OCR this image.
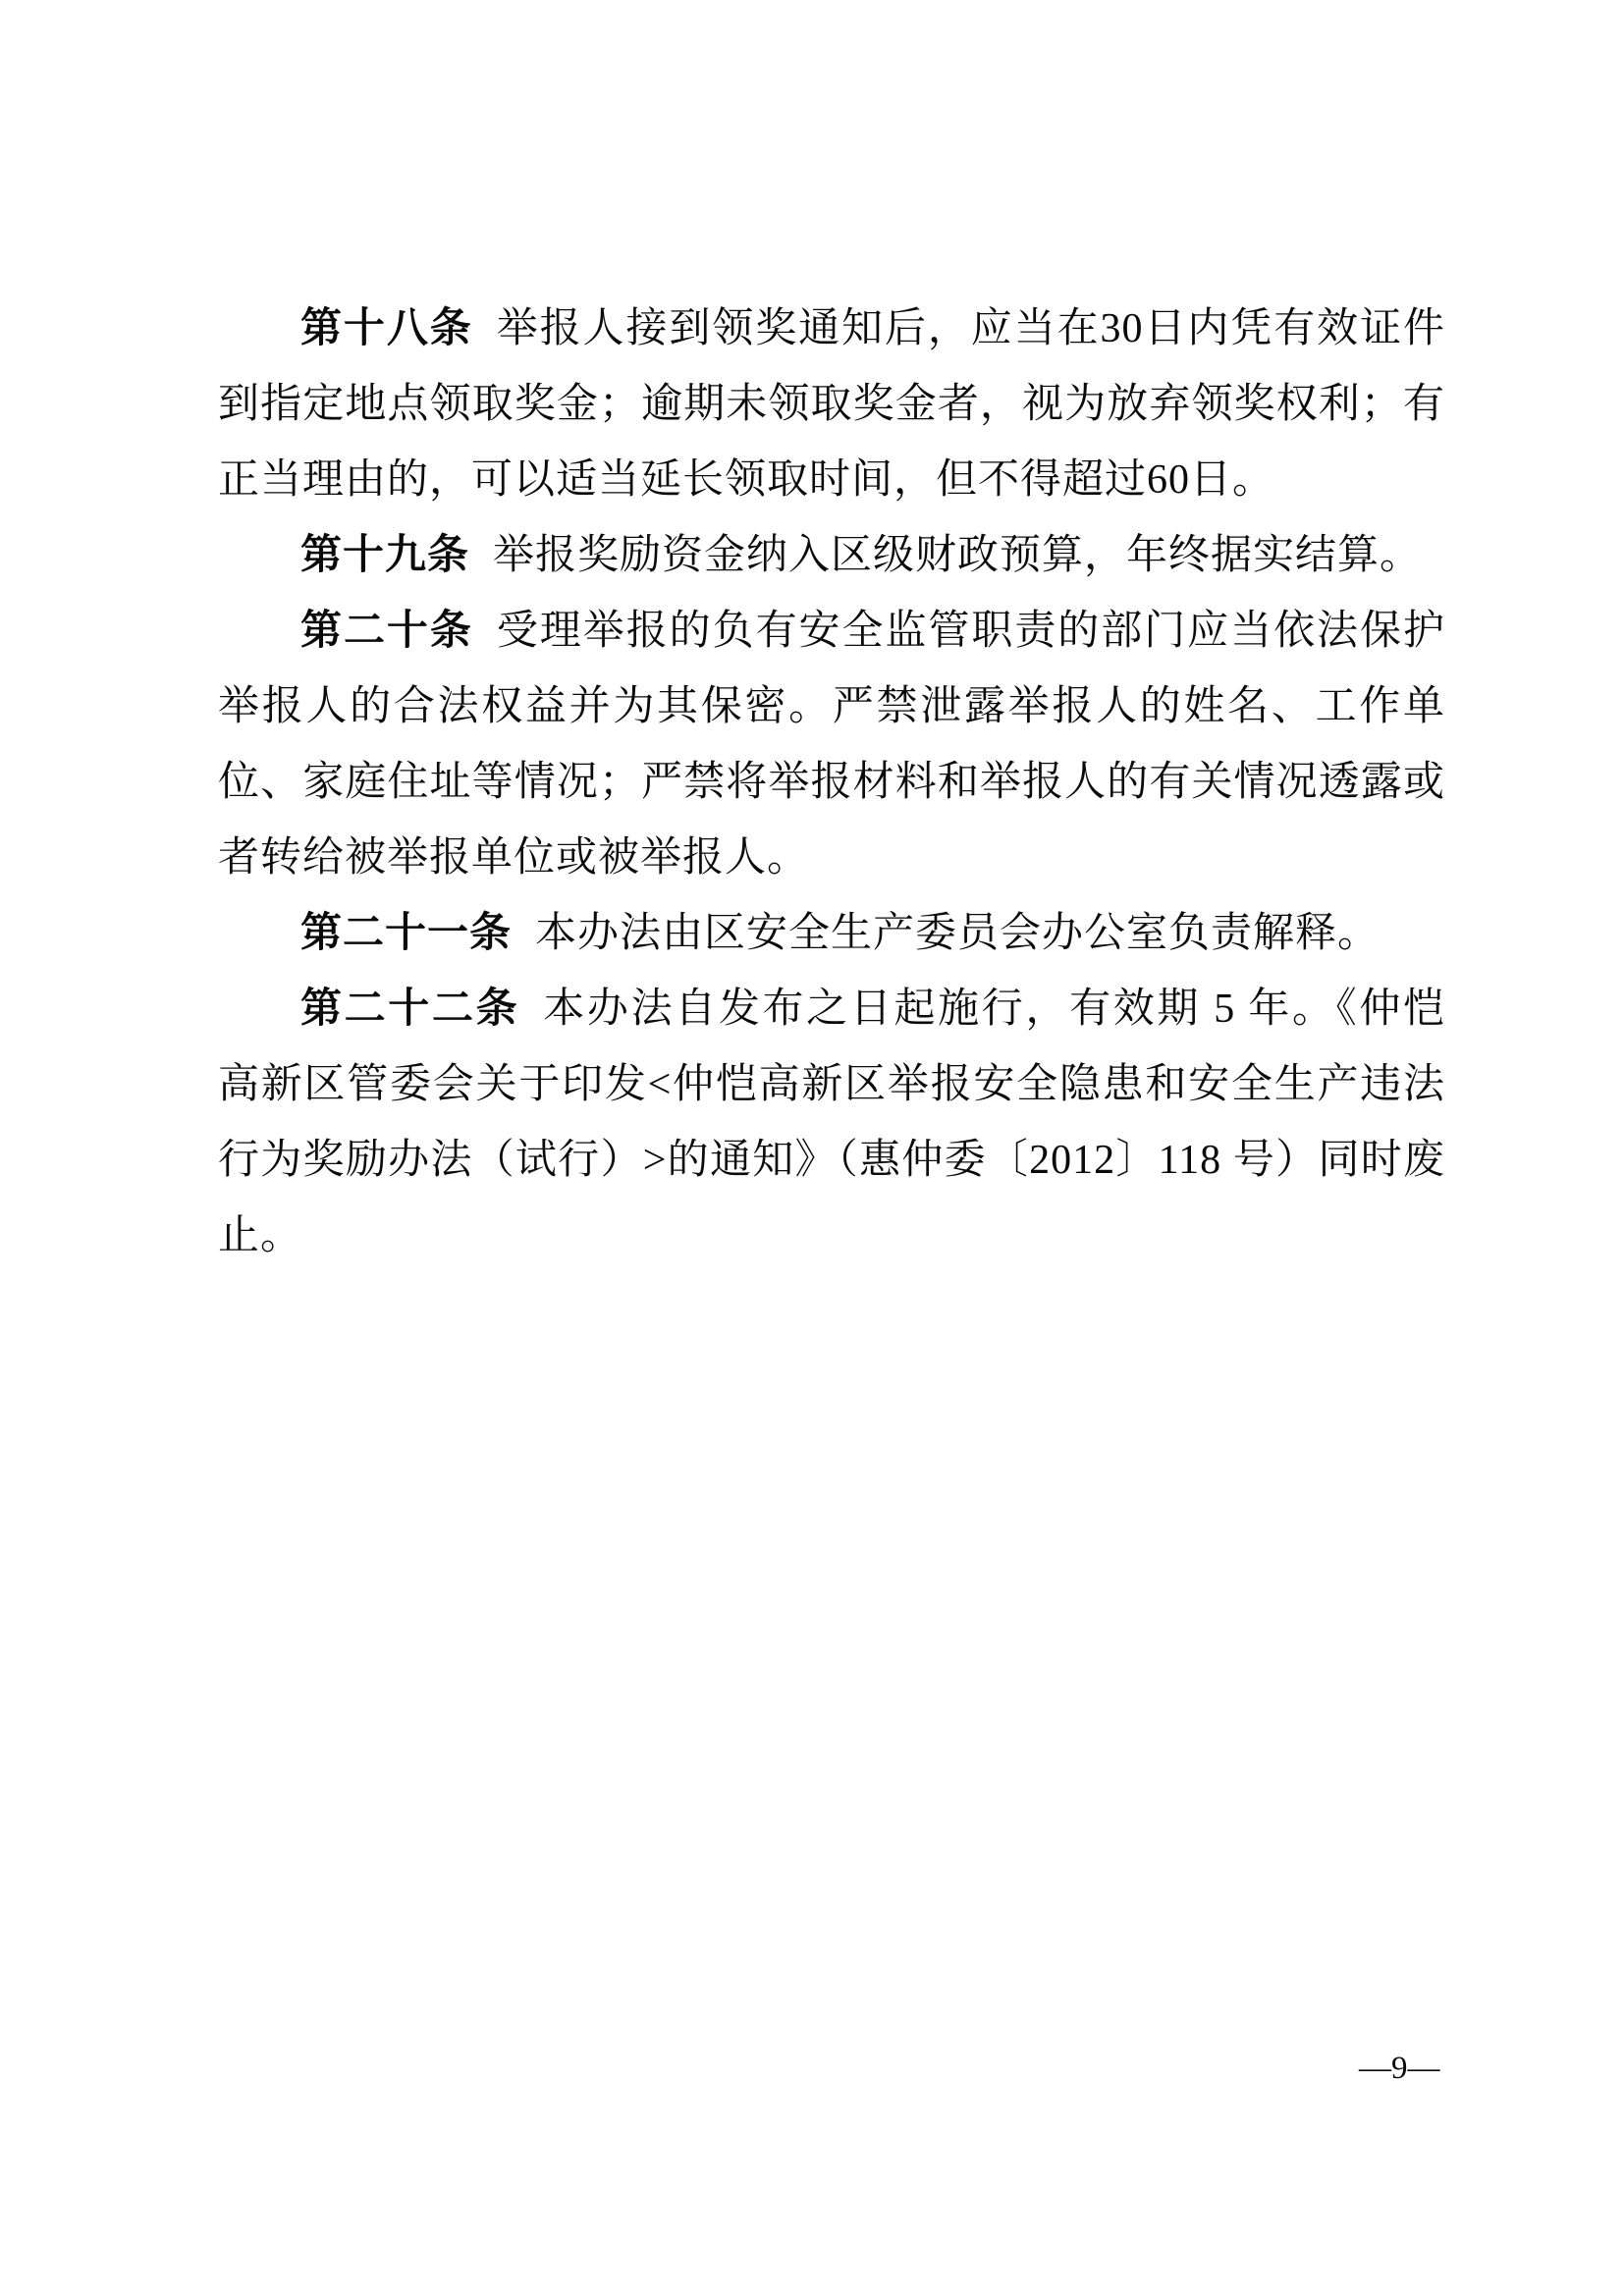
第十八条 举报人接到领奖通知后，应当在30日内凭有效证件到指定地点领取奖金；逾期未领取奖金者，视为放弃领奖权利；有正当理由的，可以适当延长领取时间，但不得超过60日。

第十九条 举报奖励资金纳入区级财政预算，年终据实结算。

第二十条 受理举报的负有安全监管职责的部门应当依法保护举报人的合法权益并为其保密。严禁泄露举报人的姓名、工作单位、家庭住址等情况；严禁将举报材料和举报人的有关情况透露或者转给被举报单位或被举报人。

第二十一条 本办法由区安全生产委员会办公室负责解释。

第二十二条 本办法自发布之日起施行，有效期 5 年。《仲恺高新区管委会关于印发<仲恺高新区举报安全隐患和安全生产违法行为奖励办法（试行）>的通知》（惠仲委〔2012〕118 号）同时废止。

—9—
